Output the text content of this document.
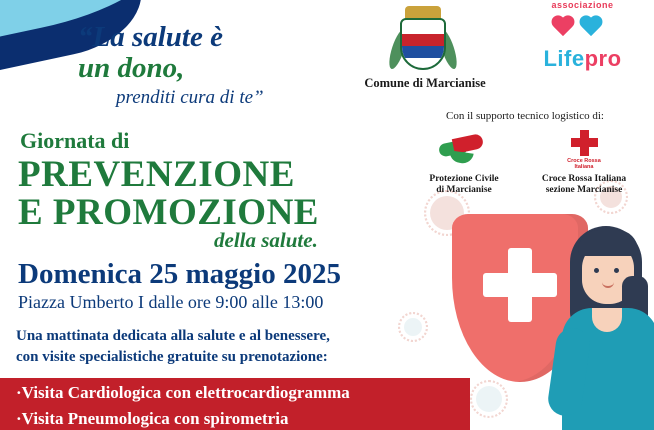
Comune di Marcianise
associazione
Lifepro
Con il supporto tecnico logistico di:
Protezione Civile
di Marcianise
Croce Rossa Italiana
Croce Rossa Italiana
sezione Marcianise
“La salute è
un dono,
prenditi cura di te”
Giornata di
PREVENZIONE
E PROMOZIONE
della salute.
Domenica 25 maggio 2025
Piazza Umberto I dalle ore 9:00 alle 13:00
Una mattinata dedicata alla salute e al benessere,
con visite specialistiche gratuite su prenotazione:
·Visita Cardiologica con elettrocardiogramma
·Visita Pneumologica con spirometria
